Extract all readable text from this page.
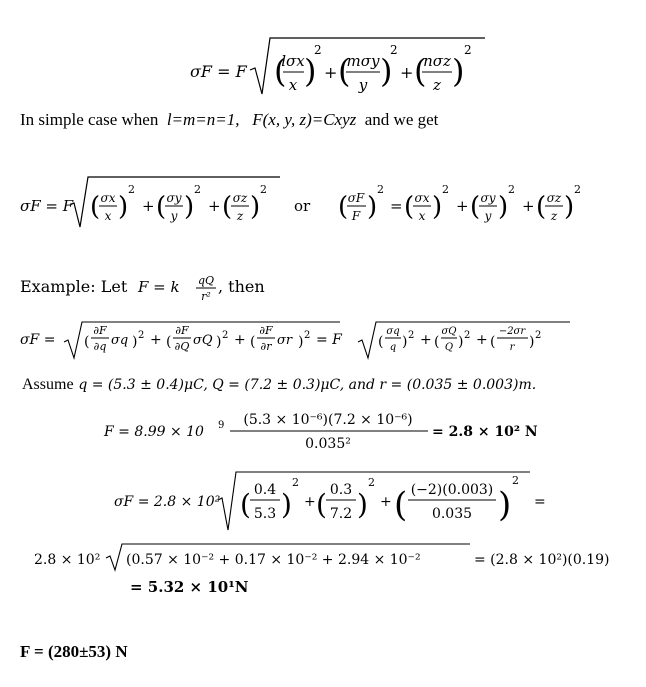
σF = F (
lσx
x )
2
+ (
mσy
y )
2
+ (
nσz
z )
2
In simple case when l=m=n=1, F(x, y, z)=Cxyz and we get
σF = F ( σx
x )
2
+ ( σy
y )
2
+ ( σz
z )
2
or ( σF
F )
2
= ( σx
x )
2
+ ( σy
y )
2
+ ( σz
z )
2
Example: Let F = k qQ
r²
, then
σF = (
∂F
∂q σq ) 2 + (
∂F
∂Q σQ ) 2 + (
∂F
∂r σr ) 2 = F	(
σq
q ) 2 + (
σQ
Q ) 2 + (
−2σr
r ) 2
Assume q = (5.3 ± 0.4)μC, Q = (7.2 ± 0.3)μC, and r = (0.035 ± 0.003)m.
F = 8.99 × 10 9 (5.3 × 10⁻⁶)(7.2 × 10⁻⁶)
0.035²
= 2.8 × 10² N
σF = 2.8 × 10² ( 0.4
5.3 )
2
+ ( 0.3
7.2 )
2
+ ( (−2)(0.003)
0.035 )
2
=
2.8 × 10² (0.57 × 10⁻² + 0.17 × 10⁻² + 2.94 × 10⁻²	= (2.8 × 10²)(0.19)
= 5.32 × 10¹N
F = (280±53) N
